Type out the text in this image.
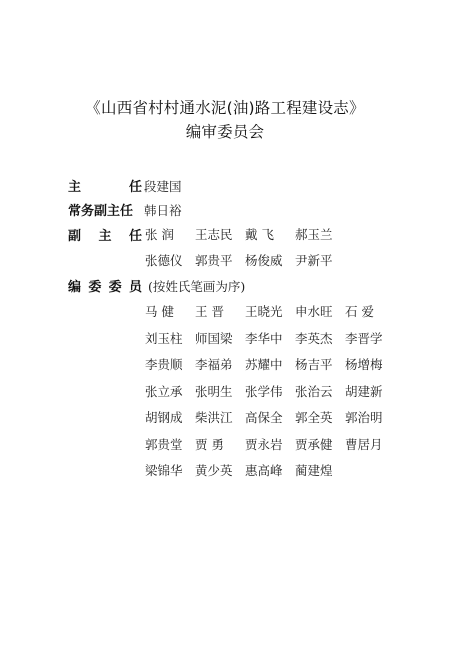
《山西省村村通水泥(油)路工程建设志》
编审委员会
主	任 段建国
常务副主任 韩日裕
副 主 任 张 润	王志民 戴 飞	郝玉兰
张德仪 郭贵平 杨俊威 尹新平
编 委 委 员 (按姓氏笔画为序)
马 健	王 晋	王晓光 申水旺 石 爱
刘玉柱 师国梁 李华中 李英杰 李晋学
李贵顺 李福弟 苏耀中 杨吉平 杨增梅
张立承 张明生 张学伟 张治云 胡建新
胡钢成 柴洪江 高保全 郭全英 郭治明
郭贵堂 贾 勇	贾永岩 贾承健 曹居月
梁锦华 黄少英 惠高峰 蔺建煌
